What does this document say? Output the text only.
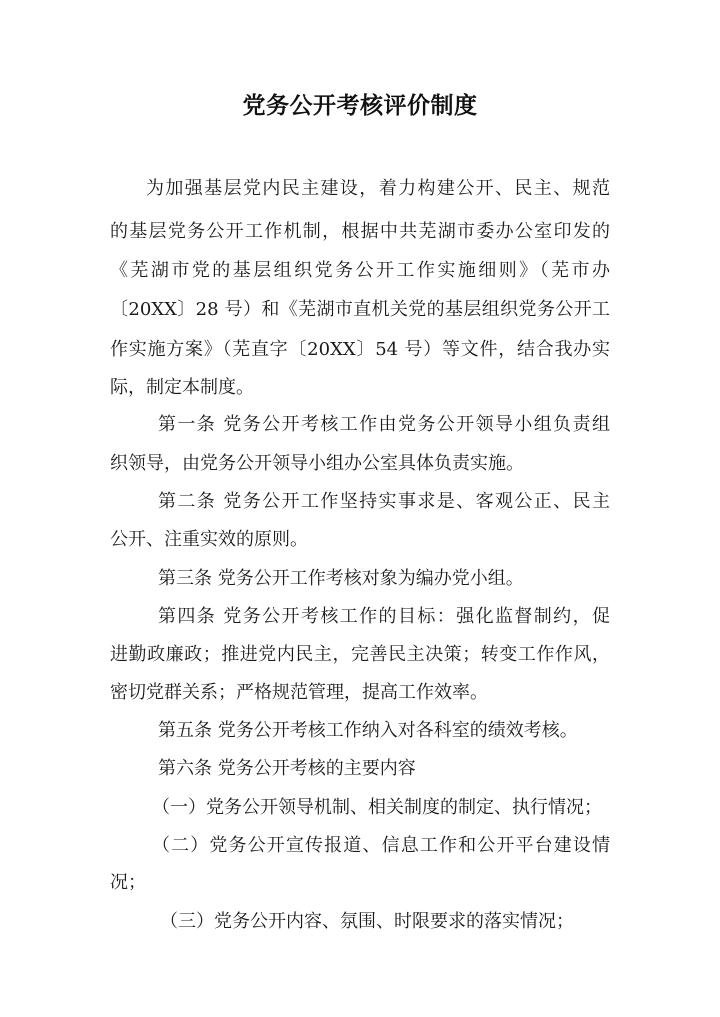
党务公开考核评价制度
为加强基层党内民主建设，着力构建公开、民主、规范
的基层党务公开工作机制，根据中共芜湖市委办公室印发的
《芜湖市党的基层组织党务公开工作实施细则》（芜市办
〔20XX〕28 号）和《芜湖市直机关党的基层组织党务公开工
作实施方案》（芜直字〔20XX〕54 号）等文件，结合我办实
际，制定本制度。
第一条 党务公开考核工作由党务公开领导小组负责组
织领导，由党务公开领导小组办公室具体负责实施。
第二条 党务公开工作坚持实事求是、客观公正、民主
公开、注重实效的原则。
第三条 党务公开工作考核对象为编办党小组。
第四条 党务公开考核工作的目标：强化监督制约，促
进勤政廉政；推进党内民主，完善民主决策；转变工作作风，
密切党群关系；严格规范管理，提高工作效率。
第五条 党务公开考核工作纳入对各科室的绩效考核。
第六条 党务公开考核的主要内容
（一）党务公开领导机制、相关制度的制定、执行情况；
（二）党务公开宣传报道、信息工作和公开平台建设情
况；
（三）党务公开内容、氛围、时限要求的落实情况；
